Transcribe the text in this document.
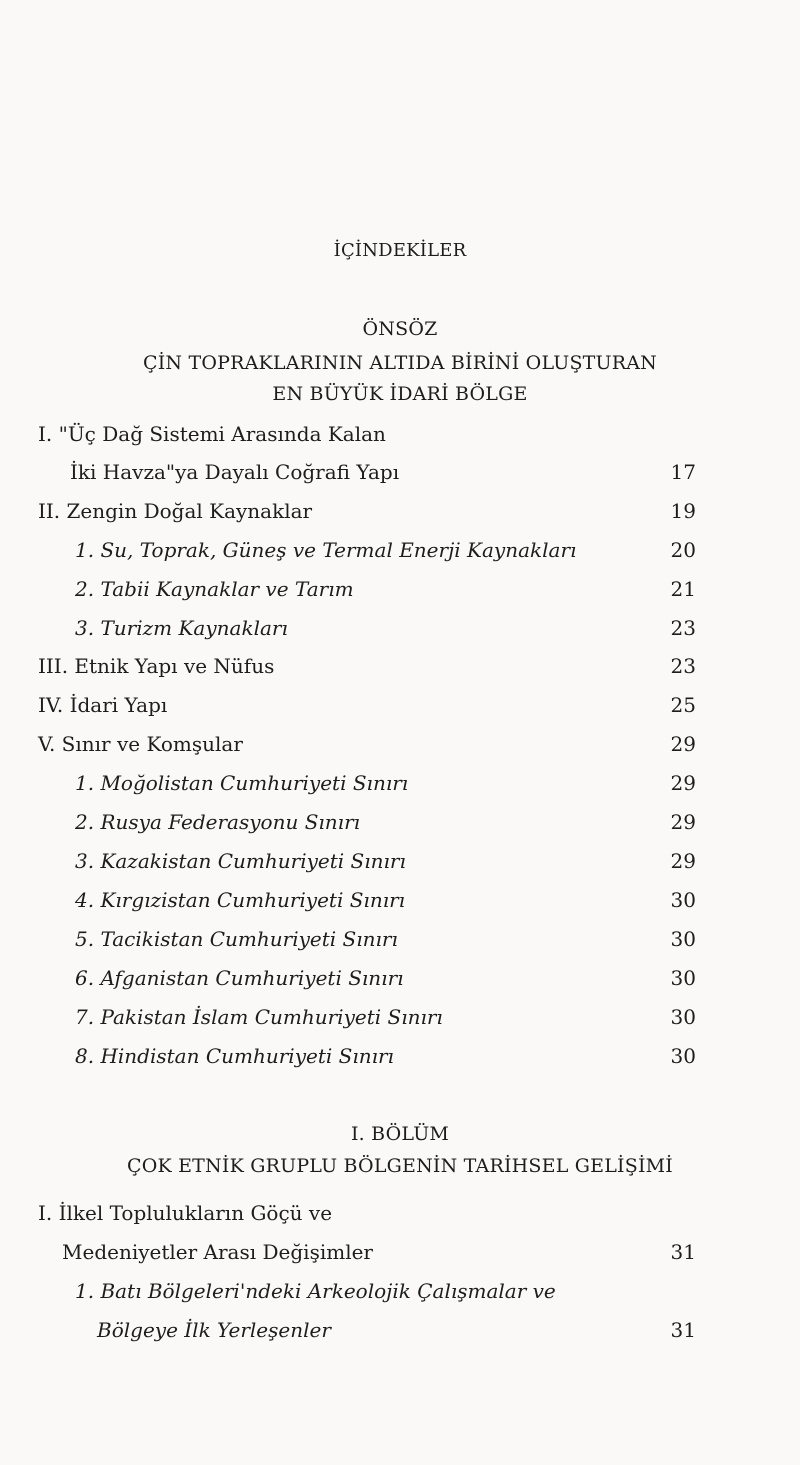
İÇİNDEKİLER
ÖNSÖZ
ÇİN TOPRAKLARININ ALTIDA BİRİNİ OLUŞTURAN
EN BÜYÜK İDARİ BÖLGE
I. "Üç Dağ Sistemi Arasında Kalan
İki Havza"ya Dayalı Coğrafi Yapı	17
II. Zengin Doğal Kaynaklar	19
1. Su, Toprak, Güneş ve Termal Enerji Kaynakları	20
2. Tabii Kaynaklar ve Tarım	21
3. Turizm Kaynakları	23
III. Etnik Yapı ve Nüfus	23
IV. İdari Yapı	25
V. Sınır ve Komşular	29
1. Moğolistan Cumhuriyeti Sınırı	29
2. Rusya Federasyonu Sınırı	29
3. Kazakistan Cumhuriyeti Sınırı	29
4. Kırgızistan Cumhuriyeti Sınırı	30
5. Tacikistan Cumhuriyeti Sınırı	30
6. Afganistan Cumhuriyeti Sınırı	30
7. Pakistan İslam Cumhuriyeti Sınırı	30
8. Hindistan Cumhuriyeti Sınırı	30
I. BÖLÜM
ÇOK ETNİK GRUPLU BÖLGENİN TARİHSEL GELİŞİMİ
I. İlkel Toplulukların Göçü ve
Medeniyetler Arası Değişimler	31
1. Batı Bölgeleri'ndeki Arkeolojik Çalışmalar ve
Bölgeye İlk Yerleşenler	31
